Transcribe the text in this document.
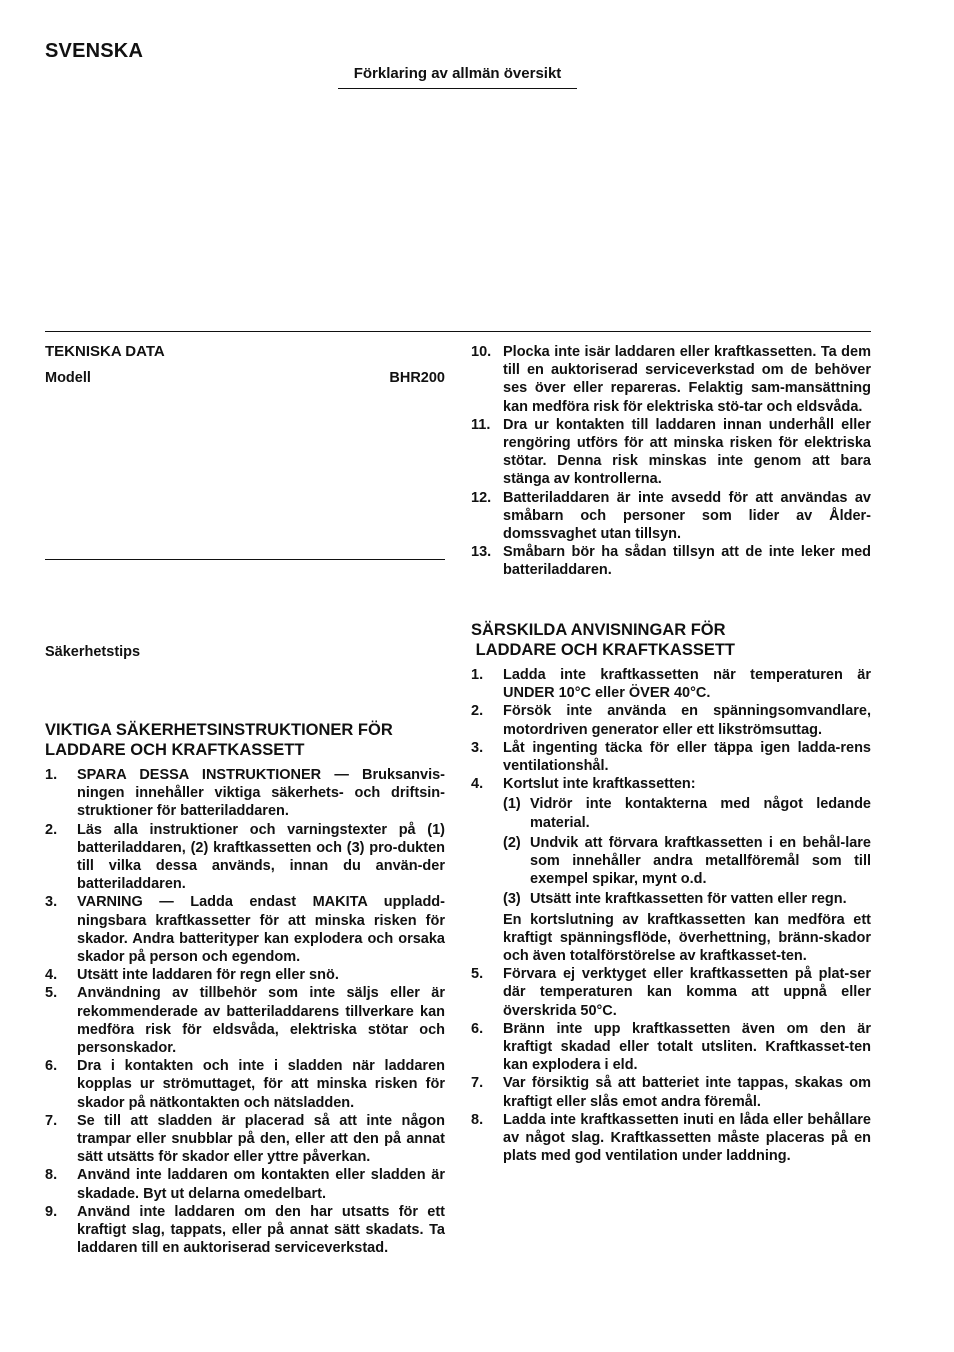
SVENSKA
Förklaring av allmän översikt
TEKNISKA DATA
Modell	BHR200
Säkerhetstips
VIKTIGA SÄKERHETSINSTRUKTIONER FÖR
LADDARE OCH KRAFTKASSETT
1.	SPARA DESSA INSTRUKTIONER — Bruksanvis-ningen innehåller viktiga säkerhets- och driftsin-struktioner för batteriladdaren.
2.	Läs alla instruktioner och varningstexter på (1) batteriladdaren, (2) kraftkassetten och (3) pro-dukten till vilka dessa används, innan du använ-der batteriladdaren.
3.	VARNING — Ladda endast MAKITA uppladd-ningsbara kraftkassetter för att minska risken för skador. Andra batterityper kan explodera och orsaka skador på person och egendom.
4.	Utsätt inte laddaren för regn eller snö.
5.	Användning av tillbehör som inte säljs eller är rekommenderade av batteriladdarens tillverkare kan medföra risk för eldsvåda, elektriska stötar och personskador.
6.	Dra i kontakten och inte i sladden när laddaren kopplas ur strömuttaget, för att minska risken för skador på nätkontakten och nätsladden.
7.	Se till att sladden är placerad så att inte någon trampar eller snubblar på den, eller att den på annat sätt utsätts för skador eller yttre påverkan.
8.	Använd inte laddaren om kontakten eller sladden är skadade. Byt ut delarna omedelbart.
9.	Använd inte laddaren om den har utsatts för ett kraftigt slag, tappats, eller på annat sätt skadats. Ta laddaren till en auktoriserad serviceverkstad.
10. Plocka inte isär laddaren eller kraftkassetten. Ta dem till en auktoriserad serviceverkstad om de behöver ses över eller repareras. Felaktig sam-mansättning kan medföra risk för elektriska stö-tar och eldsvåda.
11. Dra ur kontakten till laddaren innan underhåll eller rengöring utförs för att minska risken för elektriska stötar. Denna risk minskas inte genom att bara stänga av kontrollerna.
12. Batteriladdaren är inte avsedd för att användas av småbarn och personer som lider av Ålder-domssvaghet utan tillsyn.
13. Småbarn bör ha sådan tillsyn att de inte leker med batteriladdaren.
SÄRSKILDA ANVISNINGAR FÖR
LADDARE OCH KRAFTKASSETT
1.	Ladda inte kraftkassetten när temperaturen är UNDER 10°C eller ÖVER 40°C.
2.	Försök inte använda en spänningsomvandlare, motordriven generator eller ett likströmsuttag.
3.	Låt ingenting täcka för eller täppa igen ladda-rens ventilationshål.
4.	Kortslut inte kraftkassetten:
(1) Vidrör inte kontakterna med något ledande material.
(2) Undvik att förvara kraftkassetten i en behål-lare som innehåller andra metallföremål som till exempel spikar, mynt o.d.
(3) Utsätt inte kraftkassetten för vatten eller regn.
En kortslutning av kraftkassetten kan medföra ett kraftigt spänningsflöde, överhettning, bränn-skador och även totalförstörelse av kraftkasset-ten.
5.	Förvara ej verktyget eller kraftkassetten på plat-ser där temperaturen kan komma att uppnå eller överskrida 50°C.
6.	Bränn inte upp kraftkassetten även om den är kraftigt skadad eller totalt utsliten. Kraftkasset-ten kan explodera i eld.
7.	Var försiktig så att batteriet inte tappas, skakas om kraftigt eller slås emot andra föremål.
8.	Ladda inte kraftkassetten inuti en låda eller behållare av något slag. Kraftkassetten måste placeras på en plats med god ventilation under laddning.
